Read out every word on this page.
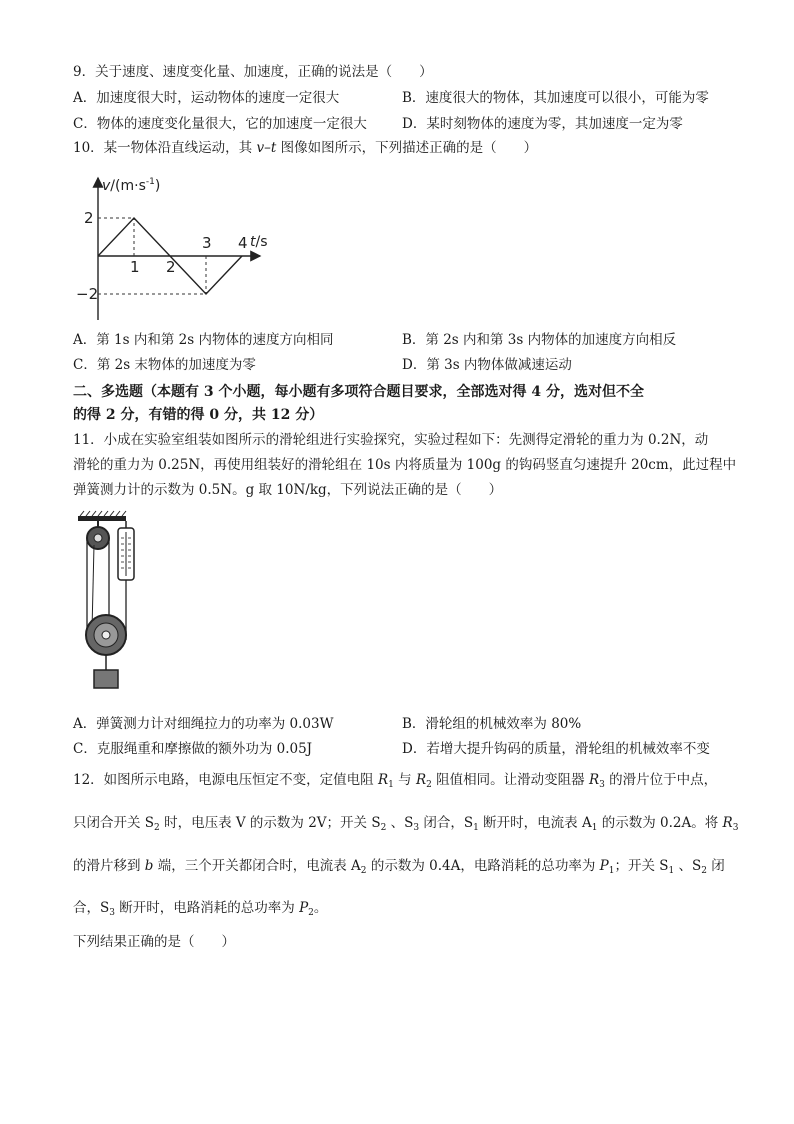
9．关于速度、速度变化量、加速度，正确的说法是（　　）
A．加速度很大时，运动物体的速度一定很大	B．速度很大的物体，其加速度可以很小，可能为零
C．物体的速度变化量很大，它的加速度一定很大	D．某时刻物体的速度为零，其加速度一定为零
10．某一物体沿直线运动，其 v–t 图像如图所示，下列描述正确的是（　　）
$v/(m\cdot s^{-1})$
t/s
1 2
3 4
2
−2
A．第 1s 内和第 2s 内物体的速度方向相同	B．第 2s 内和第 3s 内物体的加速度方向相反
C．第 2s 末物体的加速度为零	D．第 3s 内物体做减速运动
二、多选题（本题有 3 个小题，每小题有多项符合题目要求，全部选对得 4 分，选对但不全
的得 2 分，有错的得 0 分，共 12 分）
11．小成在实验室组装如图所示的滑轮组进行实验探究，实验过程如下：先测得定滑轮的重力为 0.2N，动
滑轮的重力为 0.25N，再使用组装好的滑轮组在 10s 内将质量为 100g 的钩码竖直匀速提升 20cm，此过程中
弹簧测力计的示数为 0.5N。g 取 10N/kg，下列说法正确的是（　　）
A．弹簧测力计对细绳拉力的功率为 0.03W	B．滑轮组的机械效率为 80%
C．克服绳重和摩擦做的额外功为 0.05J	D．若增大提升钩码的质量，滑轮组的机械效率不变
12．如图所示电路，电源电压恒定不变，定值电阻 $R_1$ 与 $R_2$ 阻值相同。让滑动变阻器 $R_3$ 的滑片位于中点，
只闭合开关 $S_2$ 时，电压表 V 的示数为 2V；开关 $S_2$ 、$S_3$ 闭合，$S_1$ 断开时，电流表 $A_1$ 的示数为 0.2A。将 $R_3$
的滑片移到 b 端，三个开关都闭合时，电流表 $A_2$ 的示数为 0.4A，电路消耗的总功率为 $P_1$；开关 $S_1$ 、$S_2$ 闭
合，$S_3$ 断开时，电路消耗的总功率为 $P_2$。
下列结果正确的是（　　）
